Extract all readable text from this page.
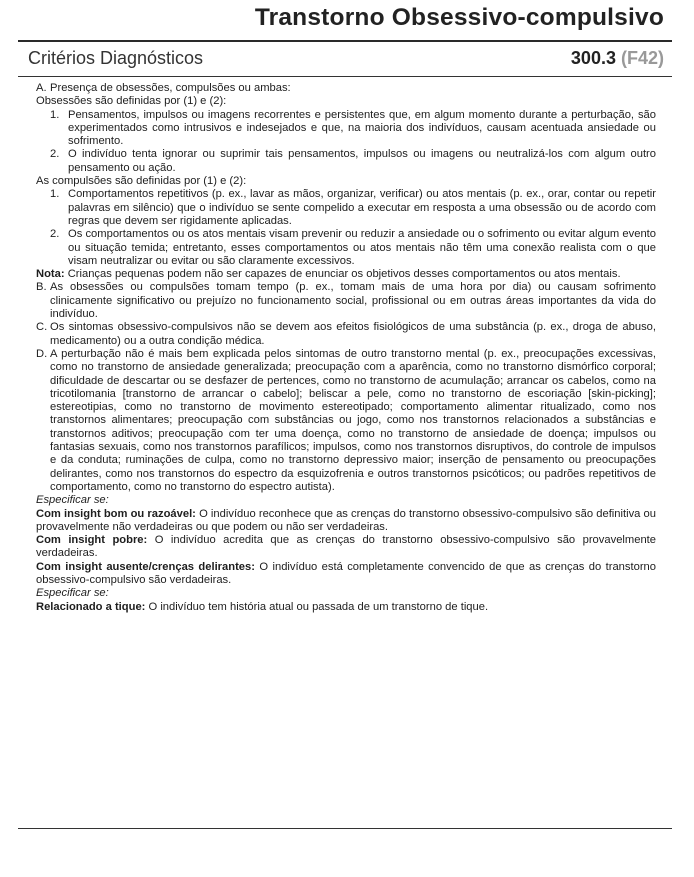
Transtorno Obsessivo-compulsivo
Critérios Diagnósticos	300.3 (F42)
A. Presença de obsessões, compulsões ou ambas:

Obsessões são definidas por (1) e (2):

1. Pensamentos, impulsos ou imagens recorrentes e persistentes que, em algum momento durante a perturbação, são experimentados como intrusivos e indesejados e que, na maioria dos indivíduos, causam acentuada ansiedade ou sofrimento.
2. O indivíduo tenta ignorar ou suprimir tais pensamentos, impulsos ou imagens ou neutralizá-los com algum outro pensamento ou ação.

As compulsões são definidas por (1) e (2):

1. Comportamentos repetitivos (p. ex., lavar as mãos, organizar, verificar) ou atos mentais (p. ex., orar, contar ou repetir palavras em silêncio) que o indivíduo se sente compelido a executar em resposta a uma obsessão ou de acordo com regras que devem ser rigidamente aplicadas.
2. Os comportamentos ou os atos mentais visam prevenir ou reduzir a ansiedade ou o sofrimento ou evitar algum evento ou situação temida; entretanto, esses comportamentos ou atos mentais não têm uma conexão realista com o que visam neutralizar ou evitar ou são claramente excessivos.

Nota: Crianças pequenas podem não ser capazes de enunciar os objetivos desses comportamentos ou atos mentais.

B. As obsessões ou compulsões tomam tempo (p. ex., tomam mais de uma hora por dia) ou causam sofrimento clinicamente significativo ou prejuízo no funcionamento social, profissional ou em outras áreas importantes da vida do indivíduo.
C. Os sintomas obsessivo-compulsivos não se devem aos efeitos fisiológicos de uma substância (p. ex., droga de abuso, medicamento) ou a outra condição médica.
D. A perturbação não é mais bem explicada pelos sintomas de outro transtorno mental (p. ex., preocupações excessivas, como no transtorno de ansiedade generalizada; preocupação com a aparência, como no transtorno dismórfico corporal; dificuldade de descartar ou se desfazer de pertences, como no transtorno de acumulação; arrancar os cabelos, como na tricotilomania [transtorno de arrancar o cabelo]; beliscar a pele, como no transtorno de escoriação [skin-picking]; estereotipias, como no transtorno de movimento estereotipado; comportamento alimentar ritualizado, como nos transtornos alimentares; preocupação com substâncias ou jogo, como nos transtornos relacionados a substâncias e transtornos aditivos; preocupação com ter uma doença, como no transtorno de ansiedade de doença; impulsos ou fantasias sexuais, como nos transtornos parafílicos; impulsos, como nos transtornos disruptivos, do controle de impulsos e da conduta; ruminações de culpa, como no transtorno depressivo maior; inserção de pensamento ou preocupações delirantes, como nos transtornos do espectro da esquizofrenia e outros transtornos psicóticos; ou padrões repetitivos de comportamento, como no transtorno do espectro autista).

Especificar se:

Com insight bom ou razoável: O indivíduo reconhece que as crenças do transtorno obsessivo-compulsivo são definitiva ou provavelmente não verdadeiras ou que podem ou não ser verdadeiras.

Com insight pobre: O indivíduo acredita que as crenças do transtorno obsessivo-compulsivo são provavelmente verdadeiras.

Com insight ausente/crenças delirantes: O indivíduo está completamente convencido de que as crenças do transtorno obsessivo-compulsivo são verdadeiras.

Especificar se:

Relacionado a tique: O indivíduo tem história atual ou passada de um transtorno de tique.
